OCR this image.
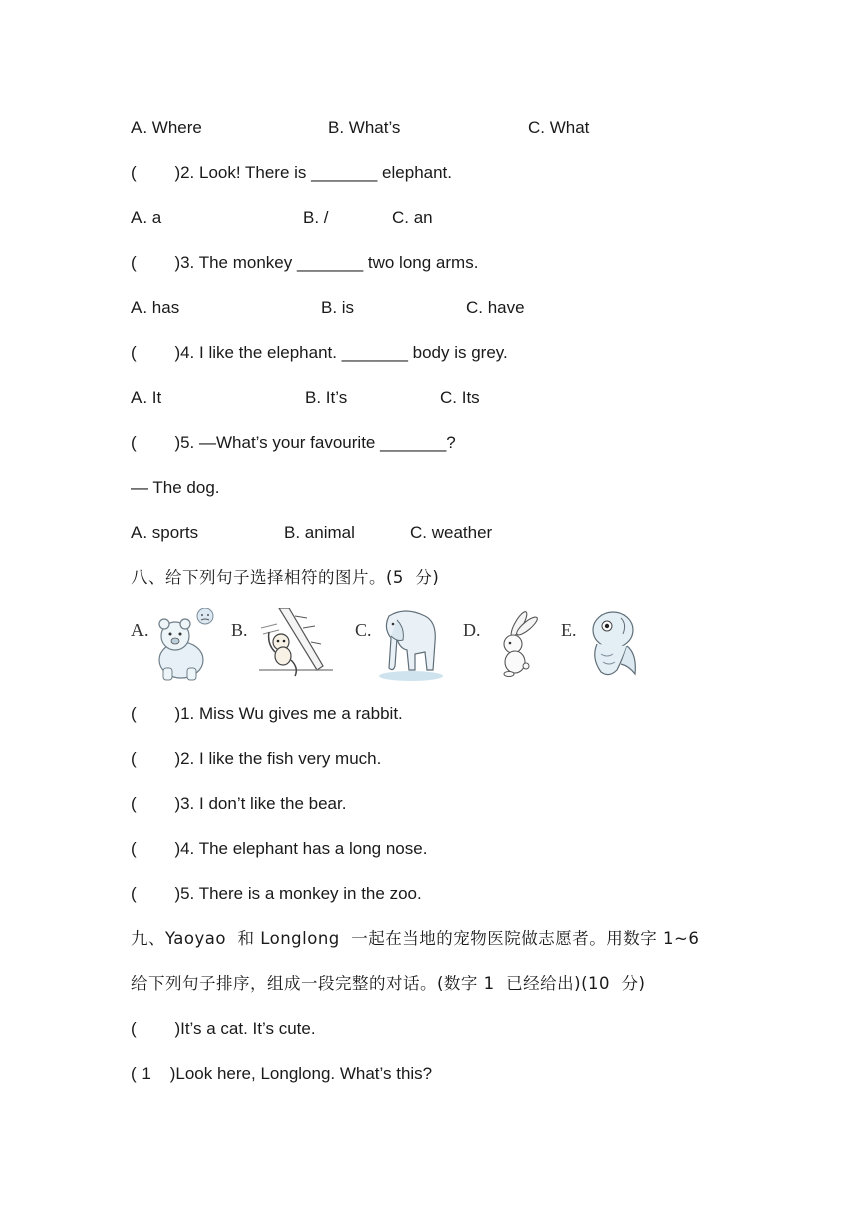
A. Where	B. What’s	C. What
(        )2. Look! There is _______ elephant.
A. a	B. /	C. an
(        )3. The monkey _______ two long arms.
A. has	B. is	C. have
(        )4. I like the elephant. _______ body is grey.
A. It	B. It’s	C. Its
(        )5. —What’s your favourite _______?
— The dog.
A. sports	B. animal	C. weather
八、给下列句子选择相符的图片。(5  分)
A.	B.	C.	D.	E.
(        )1. Miss Wu gives me a rabbit.
(        )2. I like the fish very much.
(        )3. I don’t like the bear.
(        )4. The elephant has a long nose.
(        )5. There is a monkey in the zoo.
九、Yaoyao  和 Longlong  一起在当地的宠物医院做志愿者。用数字 1~6
给下列句子排序，组成一段完整的对话。(数字 1  已经给出)(10  分)
(        )It’s a cat. It’s cute.
( 1    )Look here, Longlong. What’s this?
